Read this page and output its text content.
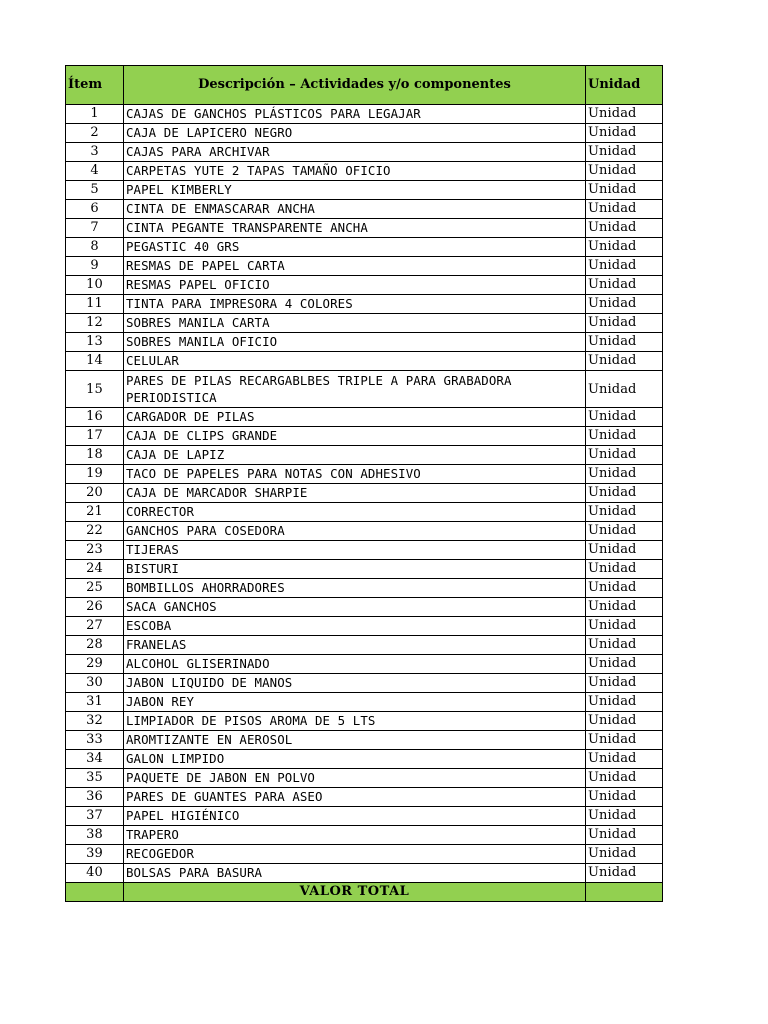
Ítem	Descripción – Actividades y/o componentes	Unidad
1	CAJAS DE GANCHOS PLÁSTICOS PARA LEGAJAR	Unidad
2	CAJA DE LAPICERO NEGRO	Unidad
3	CAJAS PARA ARCHIVAR	Unidad
4	CARPETAS YUTE 2 TAPAS TAMAÑO OFICIO	Unidad
5	PAPEL KIMBERLY	Unidad
6	CINTA DE ENMASCARAR ANCHA	Unidad
7	CINTA PEGANTE TRANSPARENTE ANCHA	Unidad
8	PEGASTIC 40 GRS	Unidad
9	RESMAS DE PAPEL CARTA	Unidad
10	RESMAS PAPEL OFICIO	Unidad
11	TINTA PARA IMPRESORA 4 COLORES	Unidad
12	SOBRES MANILA CARTA	Unidad
13	SOBRES MANILA OFICIO	Unidad
14	CELULAR	Unidad
15	PARES DE PILAS RECARGABLBES TRIPLE A PARA GRABADORA PERIODISTICA	Unidad
16	CARGADOR DE PILAS	Unidad
17	CAJA DE CLIPS GRANDE	Unidad
18	CAJA DE LAPIZ	Unidad
19	TACO DE PAPELES PARA NOTAS CON ADHESIVO	Unidad
20	CAJA DE MARCADOR SHARPIE	Unidad
21	CORRECTOR	Unidad
22	GANCHOS PARA COSEDORA	Unidad
23	TIJERAS	Unidad
24	BISTURI	Unidad
25	BOMBILLOS AHORRADORES	Unidad
26	SACA GANCHOS	Unidad
27	ESCOBA	Unidad
28	FRANELAS	Unidad
29	ALCOHOL GLISERINADO	Unidad
30	JABON LIQUIDO DE MANOS	Unidad
31	JABON REY	Unidad
32	LIMPIADOR DE PISOS AROMA DE 5 LTS	Unidad
33	AROMTIZANTE EN AEROSOL	Unidad
34	GALON LIMPIDO	Unidad
35	PAQUETE DE JABON EN POLVO	Unidad
36	PARES DE GUANTES PARA ASEO	Unidad
37	PAPEL HIGIÉNICO	Unidad
38	TRAPERO	Unidad
39	RECOGEDOR	Unidad
40	BOLSAS PARA BASURA	Unidad
	VALOR TOTAL	
